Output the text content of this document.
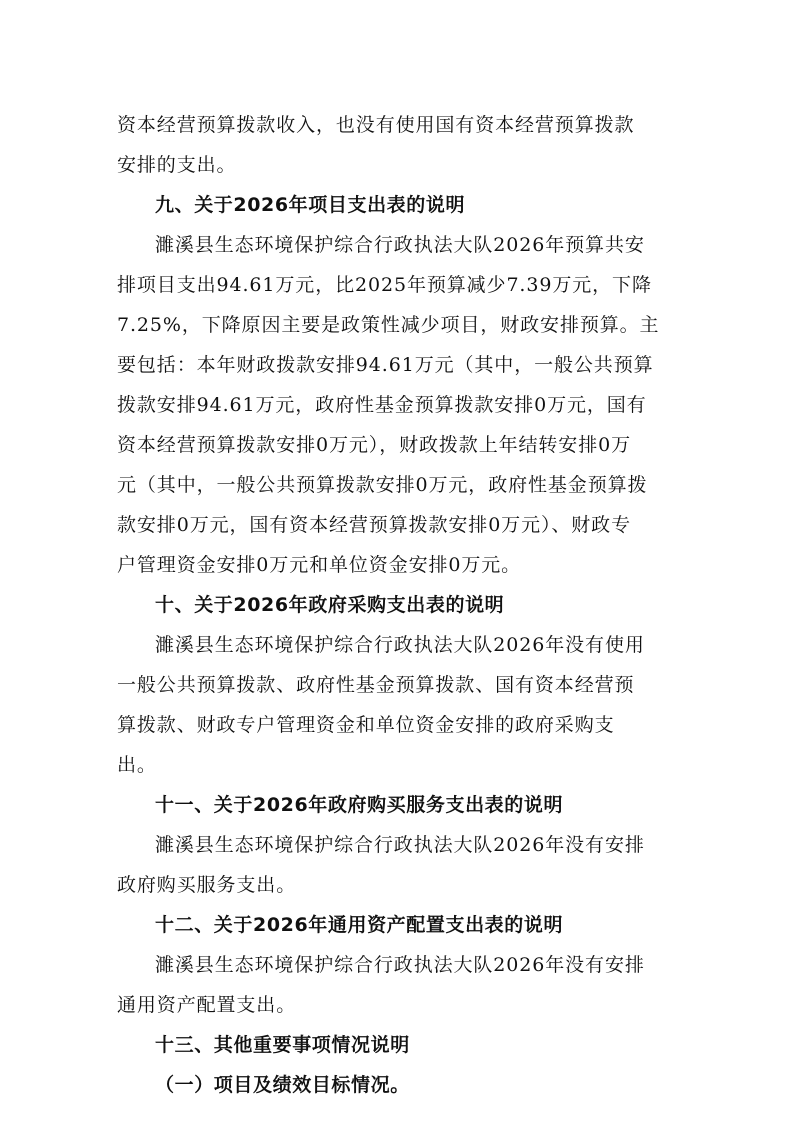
资本经营预算拨款收入，也没有使用国有资本经营预算拨款
安排的支出。
九、关于2026年项目支出表的说明
濉溪县生态环境保护综合行政执法大队2026年预算共安
排项目支出94.61万元，比2025年预算减少7.39万元，下降
7.25%，下降原因主要是政策性减少项目，财政安排预算。主
要包括：本年财政拨款安排94.61万元（其中，一般公共预算
拨款安排94.61万元，政府性基金预算拨款安排0万元，国有
资本经营预算拨款安排0万元），财政拨款上年结转安排0万
元（其中，一般公共预算拨款安排0万元，政府性基金预算拨
款安排0万元，国有资本经营预算拨款安排0万元）、财政专
户管理资金安排0万元和单位资金安排0万元。
十、关于2026年政府采购支出表的说明
濉溪县生态环境保护综合行政执法大队2026年没有使用
一般公共预算拨款、政府性基金预算拨款、国有资本经营预
算拨款、财政专户管理资金和单位资金安排的政府采购支
出。
十一、关于2026年政府购买服务支出表的说明
濉溪县生态环境保护综合行政执法大队2026年没有安排
政府购买服务支出。
十二、关于2026年通用资产配置支出表的说明
濉溪县生态环境保护综合行政执法大队2026年没有安排
通用资产配置支出。
十三、其他重要事项情况说明
（一）项目及绩效目标情况。
